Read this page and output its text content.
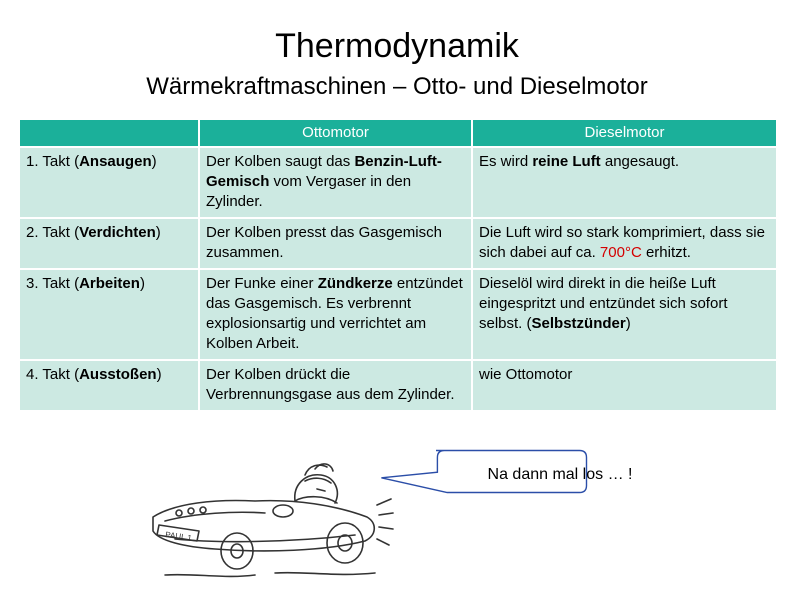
Thermodynamik
Wärmekraftmaschinen – Otto- und Dieselmotor
	Ottomotor	Dieselmotor
1. Takt (Ansaugen)	Der Kolben saugt das Benzin-Luft-Gemisch vom Vergaser in den Zylinder.	Es wird reine Luft angesaugt.
2. Takt (Verdichten)	Der Kolben presst das Gasgemisch zusammen.	Die Luft wird so stark komprimiert, dass sie sich dabei auf ca. 700°C erhitzt.
3. Takt (Arbeiten)	Der Funke einer Zündkerze entzündet das Gasgemisch. Es verbrennt explosionsartig und verrichtet am Kolben Arbeit.	Dieselöl wird direkt in die heiße Luft eingespritzt und entzündet sich sofort selbst. (Selbstzünder)
4. Takt (Ausstoßen)	Der Kolben drückt die Verbrennungsgase aus dem Zylinder.	wie Ottomotor
PAUL 1
Na dann mal los … !
